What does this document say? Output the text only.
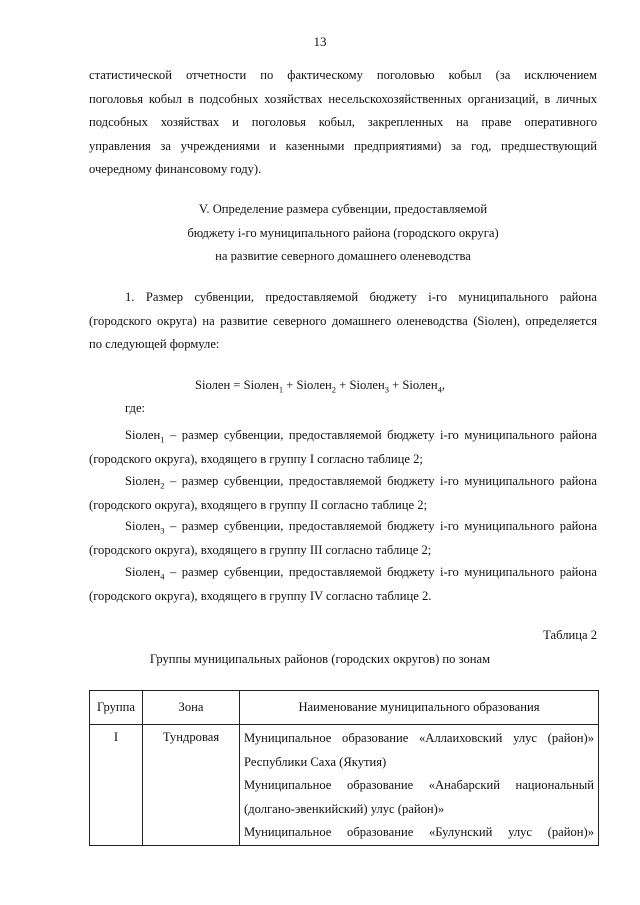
13
статистической отчетности по фактическому поголовью кобыл (за исключением
поголовья кобыл в подсобных хозяйствах несельскохозяйственных организаций, в личных
подсобных хозяйствах и поголовья кобыл, закрепленных на праве оперативного
управления за учреждениями и казенными предприятиями) за год, предшествующий
очередному финансовому году).
V. Определение размера субвенции, предоставляемой
бюджету i-го муниципального района (городского округа)
на развитие северного домашнего оленеводства
1. Размер субвенции, предоставляемой бюджету i-го муниципального района
(городского округа) на развитие северного домашнего оленеводства (Siолен), определяется
по следующей формуле:
Siолен = Siолен$_1$ + Siолен$_2$ + Siолен$_3$ + Siолен$_4$,
где:
Siолен$_1$ – размер субвенции, предоставляемой бюджету i-го муниципального района
(городского округа), входящего в группу I согласно таблице 2;
Siолен$_2$ – размер субвенции, предоставляемой бюджету i-го муниципального района
(городского округа), входящего в группу II согласно таблице 2;
Siолен$_3$ – размер субвенции, предоставляемой бюджету i-го муниципального района
(городского округа), входящего в группу III согласно таблице 2;
Siолен$_4$ – размер субвенции, предоставляемой бюджету i-го муниципального района
(городского округа), входящего в группу IV согласно таблице 2.
Таблица 2
Группы муниципальных районов (городских округов) по зонам
Группа	Зона	Наименование муниципального образования
I	Тундровая	Муниципальное образование «Аллаиховский улус (район)»
Республики Саха (Якутия)
Муниципальное образование «Анабарский национальный
(долгано-эвенкийский) улус (район)»
Муниципальное образование «Булунский улус (район)»
